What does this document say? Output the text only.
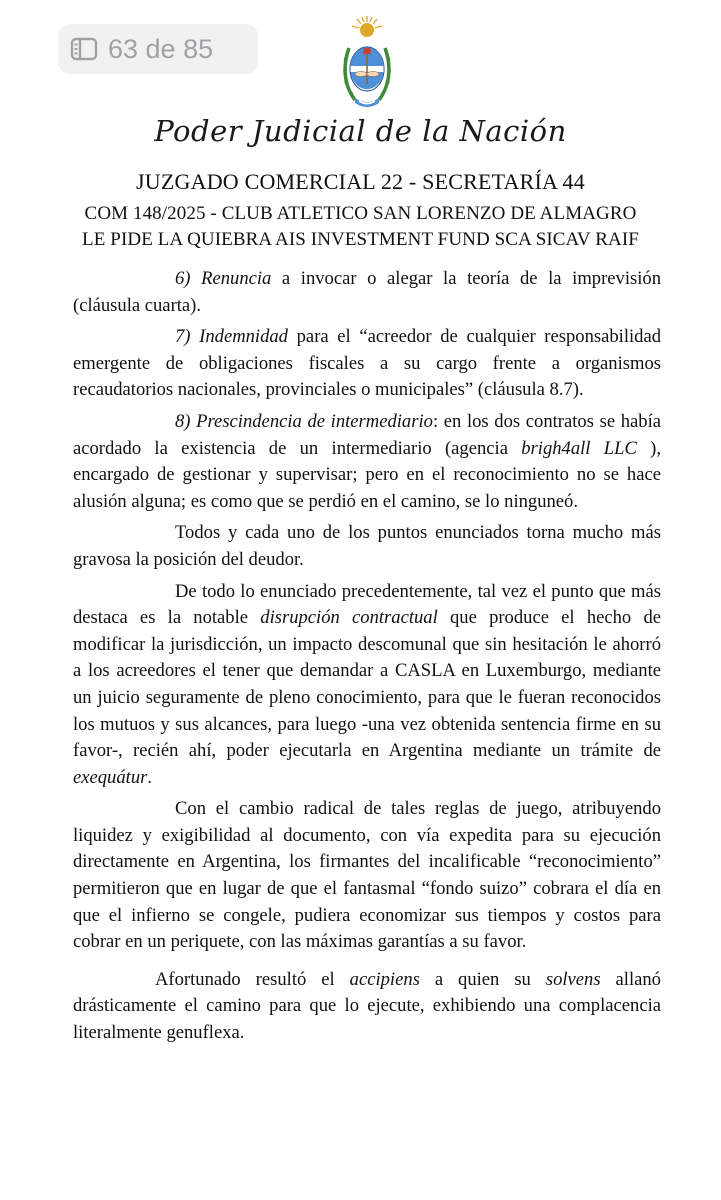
63 de 85
Poder Judicial de la Nación
JUZGADO COMERCIAL 22 - SECRETARÍA 44
COM 148/2025 - CLUB ATLETICO SAN LORENZO DE ALMAGRO
LE PIDE LA QUIEBRA AIS INVESTMENT FUND SCA SICAV RAIF

6) Renuncia a invocar o alegar la teoría de la imprevisión (cláusula cuarta).

7) Indemnidad para el “acreedor de cualquier responsabilidad emergente de obligaciones fiscales a su cargo frente a organismos recaudatorios nacionales, provinciales o municipales” (cláusula 8.7).

8) Prescindencia de intermediario: en los dos contratos se había acordado la existencia de un intermediario (agencia brigh4all LLC ), encargado de gestionar y supervisar; pero en el reconocimiento no se hace alusión alguna; es como que se perdió en el camino, se lo ninguneó.

Todos y cada uno de los puntos enunciados torna mucho más gravosa la posición del deudor.

De todo lo enunciado precedentemente, tal vez el punto que más destaca es la notable disrupción contractual que produce el hecho de modificar la jurisdicción, un impacto descomunal que sin hesitación le ahorró a los acreedores el tener que demandar a CASLA en Luxemburgo, mediante un juicio seguramente de pleno conocimiento, para que le fueran reconocidos los mutuos y sus alcances, para luego -una vez obtenida sentencia firme en su favor-, recién ahí, poder ejecutarla en Argentina mediante un trámite de exequátur.

Con el cambio radical de tales reglas de juego, atribuyendo liquidez y exigibilidad al documento, con vía expedita para su ejecución directamente en Argentina, los firmantes del incalificable “reconocimiento” permitieron que en lugar de que el fantasmal “fondo suizo” cobrara el día en que el infierno se congele, pudiera economizar sus tiempos y costos para cobrar en un periquete, con las máximas garantías a su favor.

Afortunado resultó el accipiens a quien su solvens allanó drásticamente el camino para que lo ejecute, exhibiendo una complacencia literalmente genuflexa.
